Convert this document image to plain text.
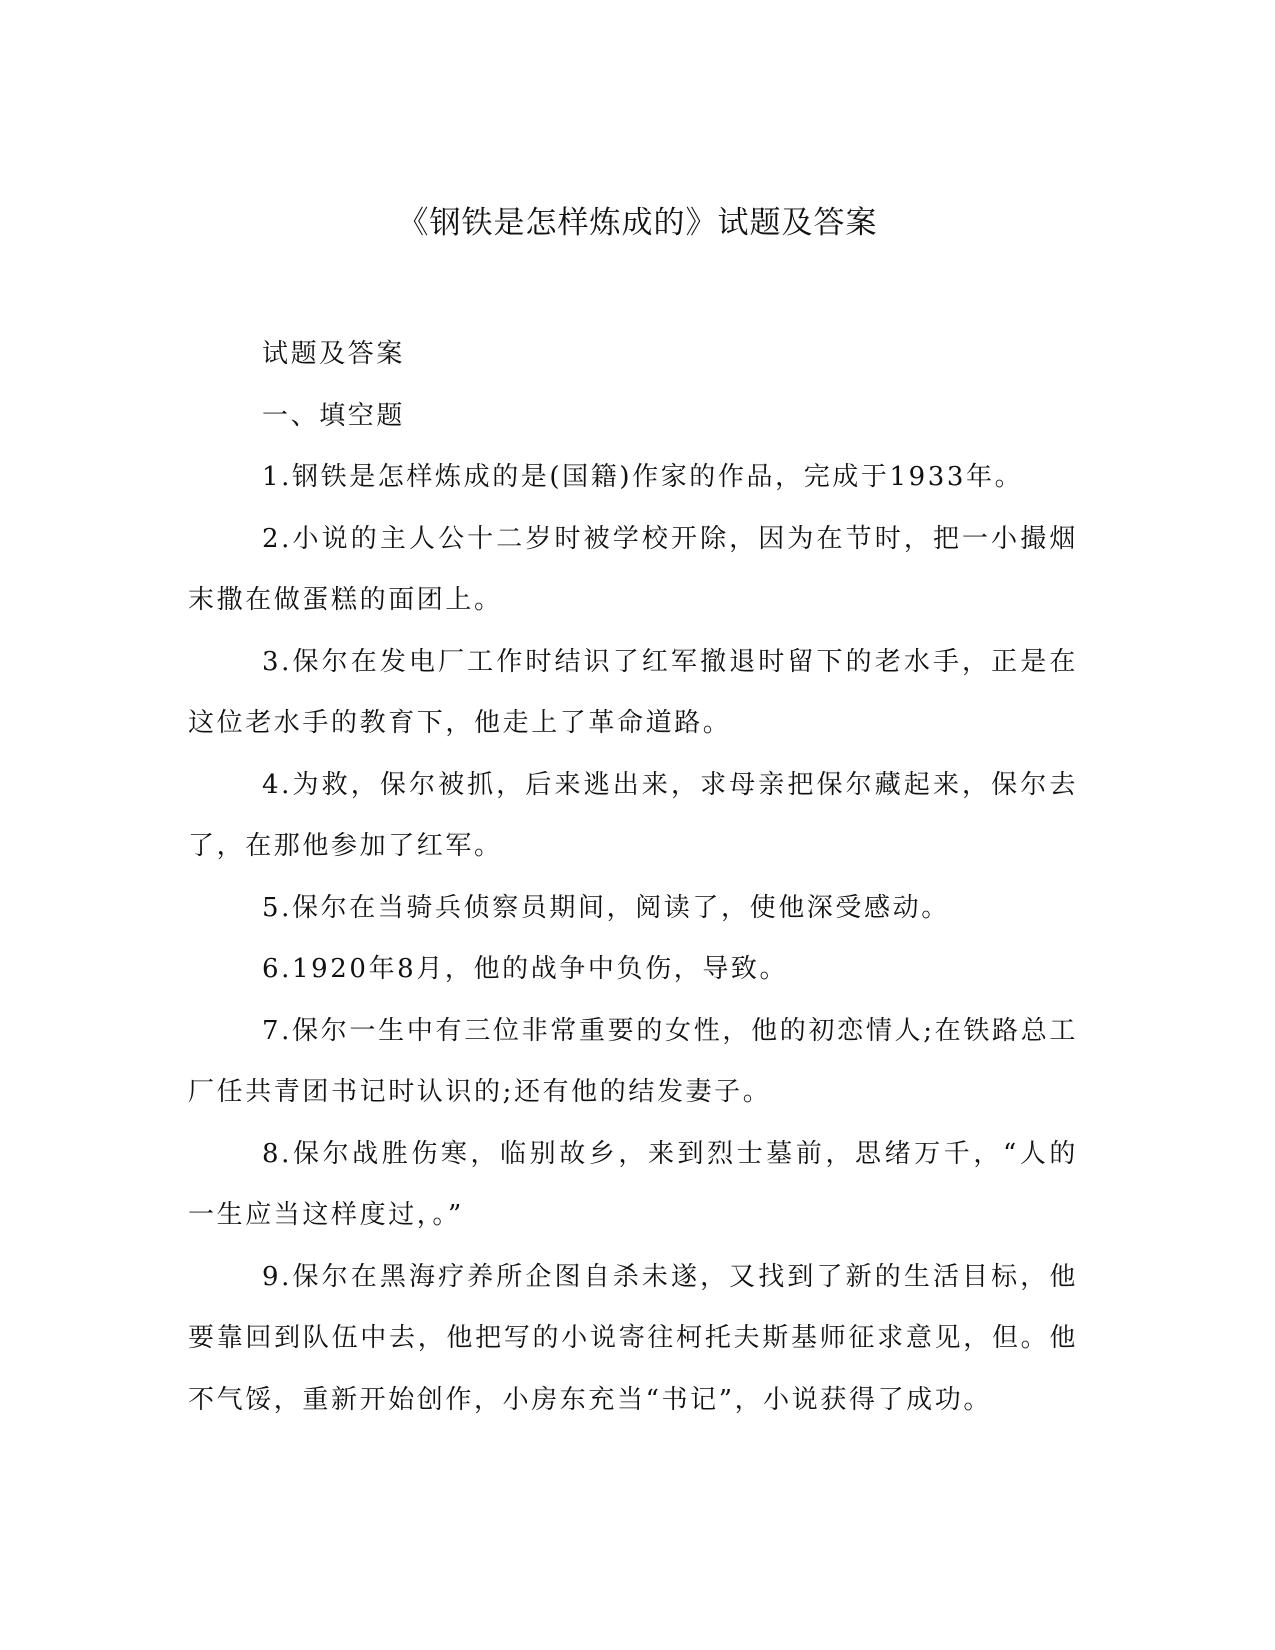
《钢铁是怎样炼成的》试题及答案

试题及答案

一、填空题

1.钢铁是怎样炼成的是(国籍)作家的作品，完成于1933年。

2.小说的主人公十二岁时被学校开除，因为在节时，把一小撮烟末撒在做蛋糕的面团上。

3.保尔在发电厂工作时结识了红军撤退时留下的老水手，正是在这位老水手的教育下，他走上了革命道路。

4.为救，保尔被抓，后来逃出来，求母亲把保尔藏起来，保尔去了，在那他参加了红军。

5.保尔在当骑兵侦察员期间，阅读了，使他深受感动。

6.1920年8月，他的战争中负伤，导致。

7.保尔一生中有三位非常重要的女性，他的初恋情人;在铁路总工厂任共青团书记时认识的;还有他的结发妻子。

8.保尔战胜伤寒，临别故乡，来到烈士墓前，思绪万千，“人的一生应当这样度过，。”

9.保尔在黑海疗养所企图自杀未遂，又找到了新的生活目标，他要靠回到队伍中去，他把写的小说寄往柯托夫斯基师征求意见，但。他不气馁，重新开始创作，小房东充当“书记”，小说获得了成功。
